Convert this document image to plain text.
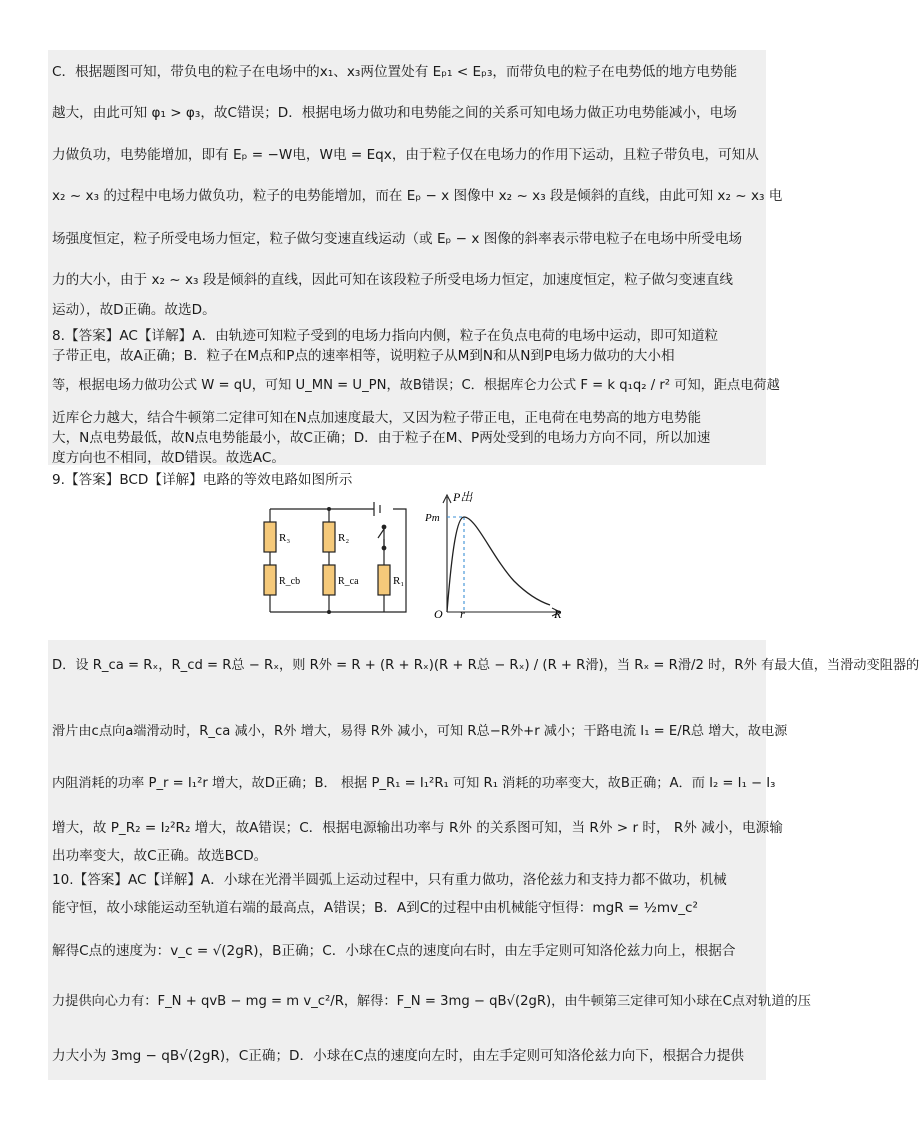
C．根据题图可知，带负电的粒子在电场中的x₁、x₃两位置处有 Eₚ₁ < Eₚ₃，而带负电的粒子在电势低的地方电势能
越大，由此可知 φ₁ > φ₃，故C错误；D．根据电场力做功和电势能之间的关系可知电场力做正功电势能减小，电场
力做负功，电势能增加，即有 Eₚ = −W电，W电 = Eqx，由于粒子仅在电场力的作用下运动，且粒子带负电，可知从
x₂ ~ x₃ 的过程中电场力做负功，粒子的电势能增加，而在 Eₚ − x 图像中 x₂ ~ x₃ 段是倾斜的直线，由此可知 x₂ ~ x₃ 电
场强度恒定，粒子所受电场力恒定，粒子做匀变速直线运动（或 Eₚ − x 图像的斜率表示带电粒子在电场中所受电场
力的大小，由于 x₂ ~ x₃ 段是倾斜的直线，因此可知在该段粒子所受电场力恒定，加速度恒定，粒子做匀变速直线
运动），故D正确。故选D。
8.【答案】AC【详解】A．由轨迹可知粒子受到的电场力指向内侧，粒子在负点电荷的电场中运动，即可知道粒
子带正电，故A正确；B．粒子在M点和P点的速率相等，说明粒子从M到N和从N到P电场力做功的大小相
等，根据电场力做功公式 W = qU，可知 U_MN = U_PN，故B错误；C．根据库仑力公式 F = k q₁q₂ / r² 可知，距点电荷越
近库仑力越大，结合牛顿第二定律可知在N点加速度最大，又因为粒子带正电，正电荷在电势高的地方电势能
大，N点电势最低，故N点电势能最小，故C正确；D．由于粒子在M、P两处受到的电场力方向不同，所以加速
度方向也不相同，故D错误。故选AC。
9.【答案】BCD【详解】电路的等效电路如图所示
R₃
R_cb
R₂
R_ca	R₁
P出
Pm
O r	R
D．设 R_ca = Rₓ，R_cd = R总 − Rₓ，则 R外 = R + (R + Rₓ)(R + R总 − Rₓ) / (R + R滑)，当 Rₓ = R滑/2 时，R外 有最大值，当滑动变阻器的
滑片由c点向a端滑动时，R_ca 减小，R外 增大，易得 R外 减小，可知 R总−R外+r 减小；干路电流 I₁ = E/R总 增大，故电源
内阻消耗的功率 P_r = I₁²r 增大，故D正确；B． 根据 P_R₁ = I₁²R₁ 可知 R₁ 消耗的功率变大，故B正确；A．而 I₂ = I₁ − I₃
增大，故 P_R₂ = I₂²R₂ 增大，故A错误；C．根据电源输出功率与 R外 的关系图可知，当 R外 > r 时， R外 减小，电源输
出功率变大，故C正确。故选BCD。
10.【答案】AC【详解】A．小球在光滑半圆弧上运动过程中，只有重力做功，洛伦兹力和支持力都不做功，机械
能守恒，故小球能运动至轨道右端的最高点，A错误；B．A到C的过程中由机械能守恒得：mgR = ½mv_c²
解得C点的速度为：v_c = √(2gR)，B正确；C．小球在C点的速度向右时，由左手定则可知洛伦兹力向上，根据合
力提供向心力有：F_N + qvB − mg = m v_c²/R，解得：F_N = 3mg − qB√(2gR)，由牛顿第三定律可知小球在C点对轨道的压
力大小为 3mg − qB√(2gR)，C正确；D．小球在C点的速度向左时，由左手定则可知洛伦兹力向下，根据合力提供
